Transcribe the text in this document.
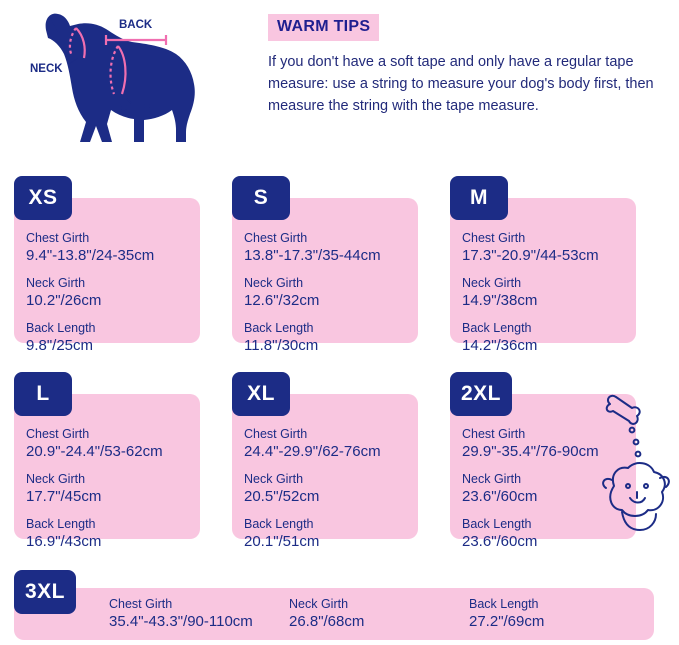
BACK
NECK
CHEST
WARM TIPS
If you don't have a soft tape and only have a regular tape measure: use a string to measure your dog's body first, then measure the string with the tape measure.
XS
Chest Girth
9.4"-13.8"/24-35cm
Neck Girth
10.2"/26cm
Back Length
9.8"/25cm
S
Chest Girth
13.8"-17.3"/35-44cm
Neck Girth
12.6"/32cm
Back Length
11.8"/30cm
M
Chest Girth
17.3"-20.9"/44-53cm
Neck Girth
14.9"/38cm
Back Length
14.2"/36cm
L
Chest Girth
20.9"-24.4"/53-62cm
Neck Girth
17.7"/45cm
Back Length
16.9"/43cm
XL
Chest Girth
24.4"-29.9"/62-76cm
Neck Girth
20.5"/52cm
Back Length
20.1"/51cm
2XL
Chest Girth
29.9"-35.4"/76-90cm
Neck Girth
23.6"/60cm
Back Length
23.6"/60cm
3XL
Chest Girth
35.4"-43.3"/90-110cm
Neck Girth
26.8"/68cm
Back Length
27.2"/69cm
